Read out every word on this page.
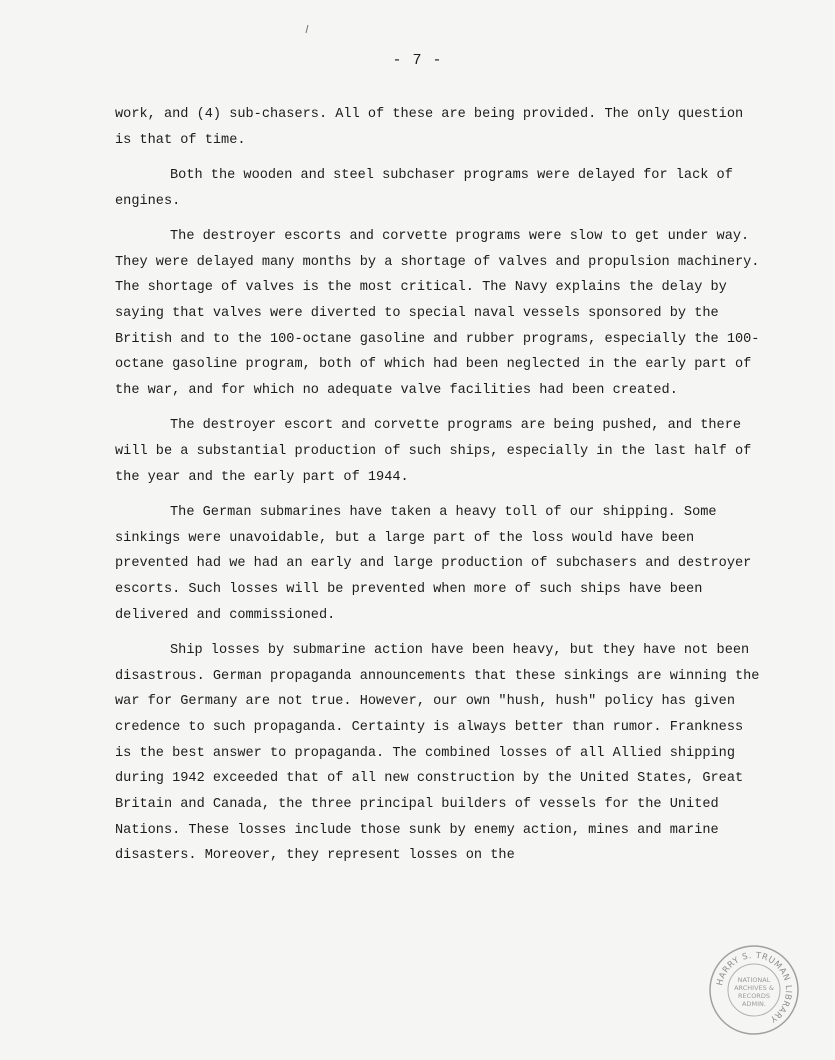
- 7 -

work, and (4) sub-chasers. All of these are being provided. The only question is that of time.

Both the wooden and steel subchaser programs were delayed for lack of engines.

The destroyer escorts and corvette programs were slow to get under way. They were delayed many months by a shortage of valves and propulsion machinery. The shortage of valves is the most critical. The Navy explains the delay by saying that valves were diverted to special naval vessels sponsored by the British and to the 100-octane gasoline and rubber programs, especially the 100-octane gasoline program, both of which had been neglected in the early part of the war, and for which no adequate valve facilities had been created.

The destroyer escort and corvette programs are being pushed, and there will be a substantial production of such ships, especially in the last half of the year and the early part of 1944.

The German submarines have taken a heavy toll of our shipping. Some sinkings were unavoidable, but a large part of the loss would have been prevented had we had an early and large production of subchasers and destroyer escorts. Such losses will be prevented when more of such ships have been delivered and commissioned.

Ship losses by submarine action have been heavy, but they have not been disastrous. German propaganda announcements that these sinkings are winning the war for Germany are not true. However, our own "hush, hush" policy has given credence to such propaganda. Certainty is always better than rumor. Frankness is the best answer to propaganda. The combined losses of all Allied shipping during 1942 exceeded that of all new construction by the United States, Great Britain and Canada, the three principal builders of vessels for the United Nations. These losses include those sunk by enemy action, mines and marine disasters. Moreover, they represent losses on the

HARRY S. TRUMAN LIBRARY
NATIONAL
ARCHIVES &
RECORDS
ADMIN.
